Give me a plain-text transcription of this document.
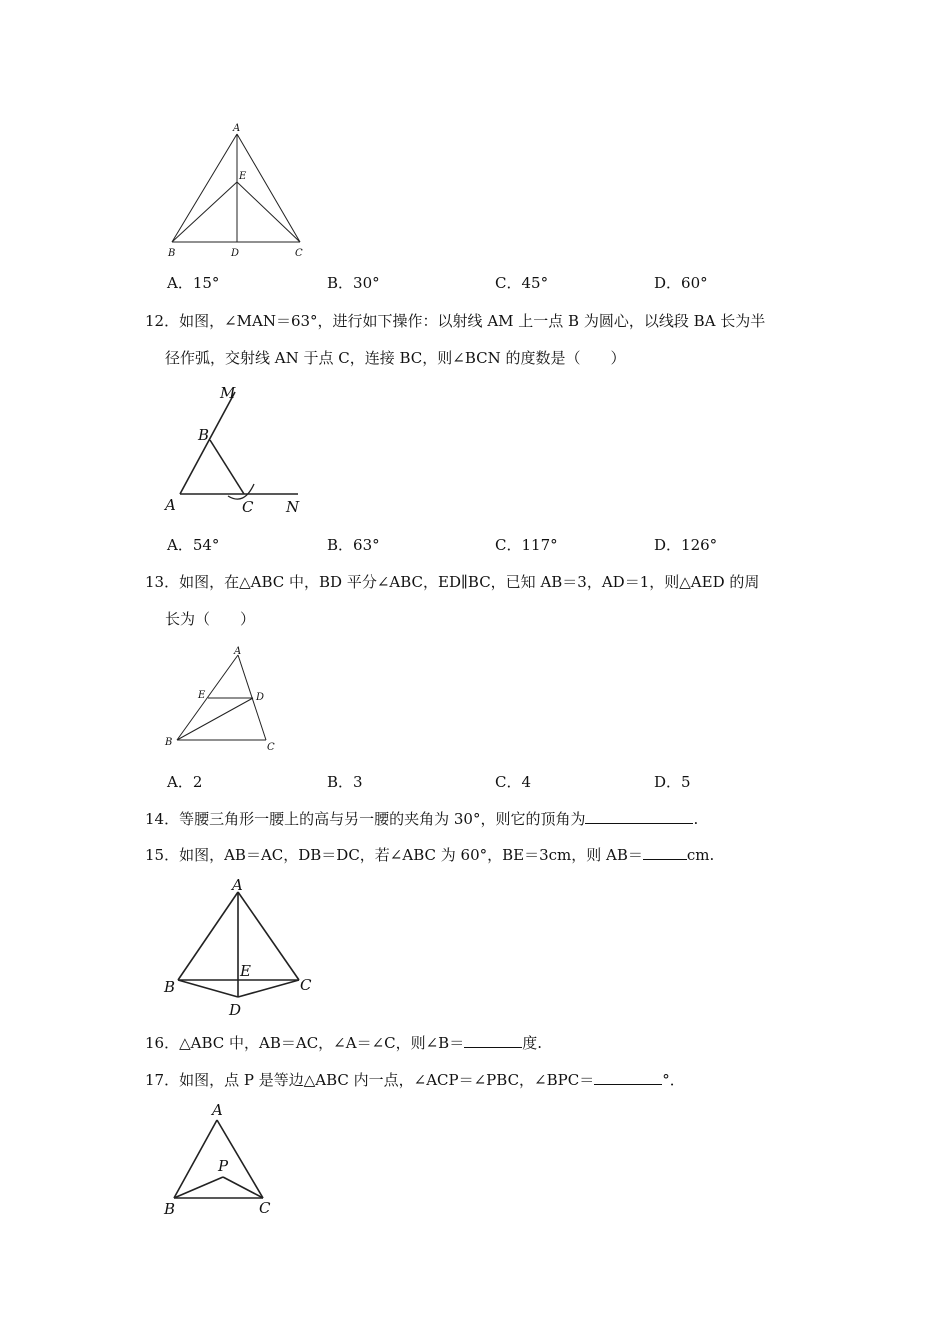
A
E
B	D	C
A．15°	B．30°	C．45°	D．60°
12．如图，∠MAN＝63°，进行如下操作：以射线 AM 上一点 B 为圆心，以线段 BA 长为半
径作弧，交射线 AN 于点 C，连接 BC，则∠BCN 的度数是（　　）
M
B
A	C N
A．54°	B．63°	C．117°	D．126°
13．如图，在△ABC 中，BD 平分∠ABC，ED∥BC，已知 AB＝3，AD＝1，则△AED 的周
长为（　　）
A
E	D
B	C
A．2	B．3	C．4	D．5
14．等腰三角形一腰上的高与另一腰的夹角为 30°，则它的顶角为	.
15．如图，AB＝AC，DB＝DC，若∠ABC 为 60°，BE＝3cm，则 AB＝	cm.
A
E
B	C
D
16．△ABC 中，AB＝AC，∠A＝∠C，则∠B＝	度.
17．如图，点 P 是等边△ABC 内一点，∠ACP＝∠PBC，∠BPC＝	°．
A
P
B	C
